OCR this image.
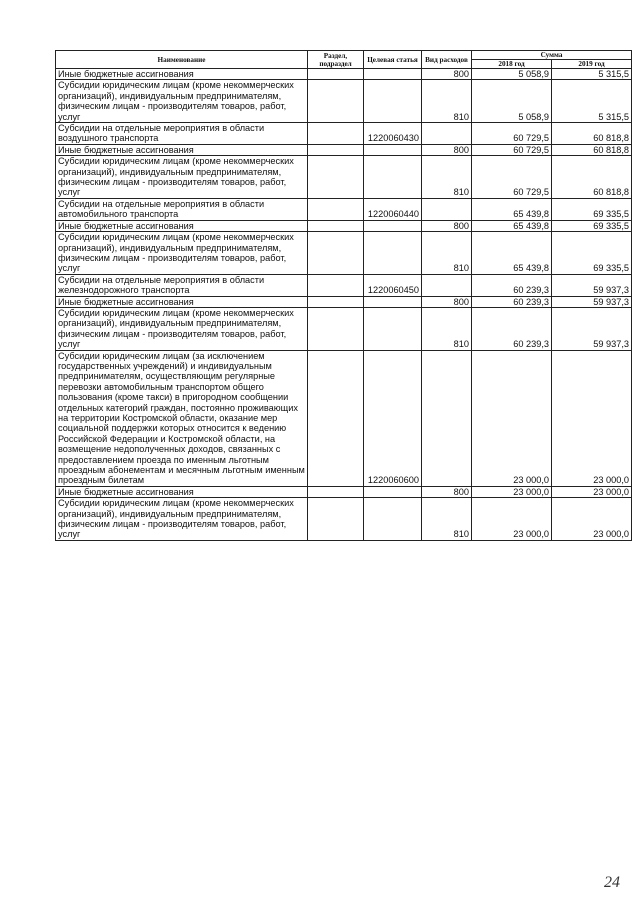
Наименование	Раздел, подраздел	Целевая статья	Вид расходов	Сумма	
				2018 год	2019 год
Иные бюджетные ассигнования			800	5 058,9	5 315,5
Субсидии юридическим лицам (кроме некоммерческих организаций), индивидуальным предпринимателям, физическим лицам - производителям товаров, работ, услуг			810	5 058,9	5 315,5
Субсидии на отдельные мероприятия в области воздушного транспорта		1220060430		60 729,5	60 818,8
Иные бюджетные ассигнования			800	60 729,5	60 818,8
Субсидии юридическим лицам (кроме некоммерческих организаций), индивидуальным предпринимателям, физическим лицам - производителям товаров, работ, услуг			810	60 729,5	60 818,8
Субсидии на отдельные мероприятия в области автомобильного транспорта		1220060440		65 439,8	69 335,5
Иные бюджетные ассигнования			800	65 439,8	69 335,5
Субсидии юридическим лицам (кроме некоммерческих организаций), индивидуальным предпринимателям, физическим лицам - производителям товаров, работ, услуг			810	65 439,8	69 335,5
Субсидии на отдельные мероприятия в области железнодорожного транспорта		1220060450		60 239,3	59 937,3
Иные бюджетные ассигнования			800	60 239,3	59 937,3
Субсидии юридическим лицам (кроме некоммерческих организаций), индивидуальным предпринимателям, физическим лицам - производителям товаров, работ, услуг			810	60 239,3	59 937,3
Субсидии юридическим лицам (за исключением государственных учреждений) и индивидуальным предпринимателям, осуществляющим регулярные перевозки автомобильным транспортом общего пользования (кроме такси) в пригородном сообщении отдельных категорий граждан, постоянно проживающих на территории Костромской области, оказание мер социальной поддержки которых относится к ведению Российской Федерации и Костромской области, на возмещение недополученных доходов, связанных с предоставлением проезда по именным льготным проездным абонементам и месячным льготным именным проездным билетам		1220060600		23 000,0	23 000,0
Иные бюджетные ассигнования			800	23 000,0	23 000,0
Субсидии юридическим лицам (кроме некоммерческих организаций), индивидуальным предпринимателям, физическим лицам - производителям товаров, работ, услуг			810	23 000,0	23 000,0
24
